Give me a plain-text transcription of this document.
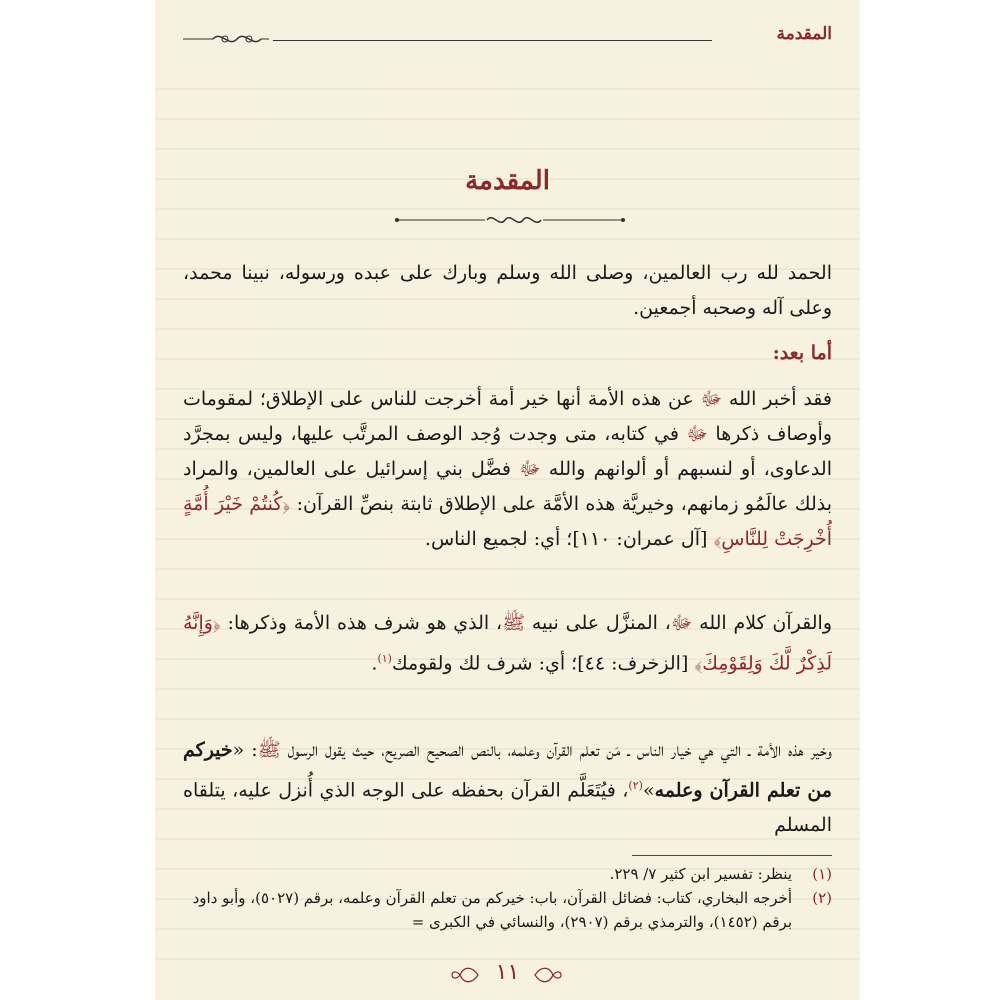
المقدمة
المقدمة
الحمد لله رب العالمين، وصلى الله وسلم وبارك على عبده ورسوله، نبينا محمد، وعلى آله وصحبه أجمعين.
أما بعد:
فقد أخبر الله ﷻ عن هذه الأمة أنها خير أمة أخرجت للناس على الإطلاق؛ لمقومات وأوصاف ذكرها ﷻ في كتابه، متى وجدت وُجد الوصف المرتَّب عليها، وليس بمجرَّد الدعاوى، أو لنسبهم أو ألوانهم والله ﷻ فضَّل بني إسرائيل على العالمين، والمراد بذلك عالَمُو زمانهم، وخيريَّة هذه الأمَّة على الإطلاق ثابتة بنصِّ القرآن: ﴿كُنتُمْ خَيْرَ أُمَّةٍ أُخْرِجَتْ لِلنَّاسِ﴾ [آل عمران: ١١٠]؛ أي: لجميع الناس.
والقرآن كلام الله ﷻ، المنزَّل على نبيه ﷺ، الذي هو شرف هذه الأمة وذكرها: ﴿وَإِنَّهُ لَذِكْرٌ لَّكَ وَلِقَوْمِكَ﴾ [الزخرف: ٤٤]؛ أي: شرف لك ولقومك$^{(١)}$.
وخير هذه الأمة ـ التي هي خيار الناس ـ مَن تعلم القرآن وعلمه، بالنص الصحيح الصريح، حيث يقول الرسول ﷺ: «خيركم من تعلم القرآن وعلمه»$^{(٢)}$، فيُتَعَلَّم القرآن بحفظه على الوجه الذي أُنزل عليه، يتلقاه المسلم
(١)
ينظر: تفسير ابن كثير ٧/ ٢٢٩.
(٢)
أخرجه البخاري، كتاب: فضائل القرآن، باب: خيركم من تعلم القرآن وعلمه، برقم (٥٠٢٧)، وأبو داود برقم (١٤٥٢)، والترمذي برقم (٢٩٠٧)، والنسائي في الكبرى =
١١
